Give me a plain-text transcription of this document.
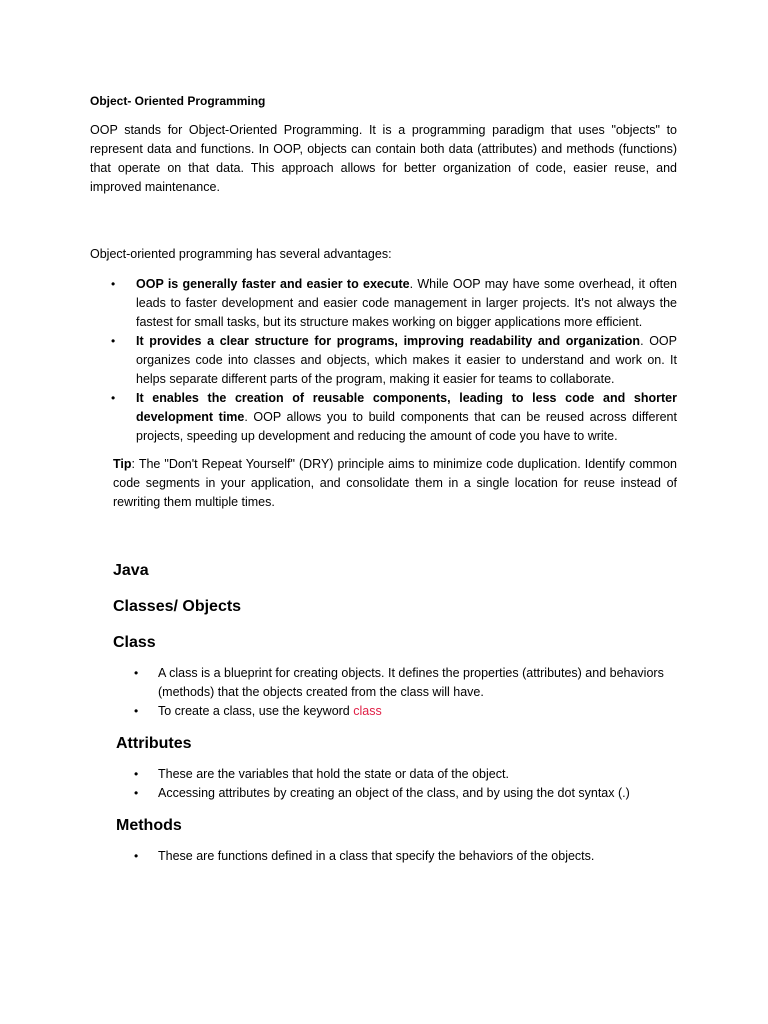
Object- Oriented Programming

OOP stands for Object-Oriented Programming. It is a programming paradigm that uses "objects" to represent data and functions. In OOP, objects can contain both data (attributes) and methods (functions) that operate on that data. This approach allows for better organization of code, easier reuse, and improved maintenance.

Object-oriented programming has several advantages:

• OOP is generally faster and easier to execute. While OOP may have some overhead, it often leads to faster development and easier code management in larger projects. It's not always the fastest for small tasks, but its structure makes working on bigger applications more efficient.
• It provides a clear structure for programs, improving readability and organization. OOP organizes code into classes and objects, which makes it easier to understand and work on. It helps separate different parts of the program, making it easier for teams to collaborate.
• It enables the creation of reusable components, leading to less code and shorter development time. OOP allows you to build components that can be reused across different projects, speeding up development and reducing the amount of code you have to write.

Tip: The "Don't Repeat Yourself" (DRY) principle aims to minimize code duplication. Identify common code segments in your application, and consolidate them in a single location for reuse instead of rewriting them multiple times.

Java
Classes/ Objects
Class
• A class is a blueprint for creating objects. It defines the properties (attributes) and behaviors (methods) that the objects created from the class will have.
• To create a class, use the keyword class
Attributes
• These are the variables that hold the state or data of the object.
• Accessing attributes by creating an object of the class, and by using the dot syntax (.)
Methods
• These are functions defined in a class that specify the behaviors of the objects.
